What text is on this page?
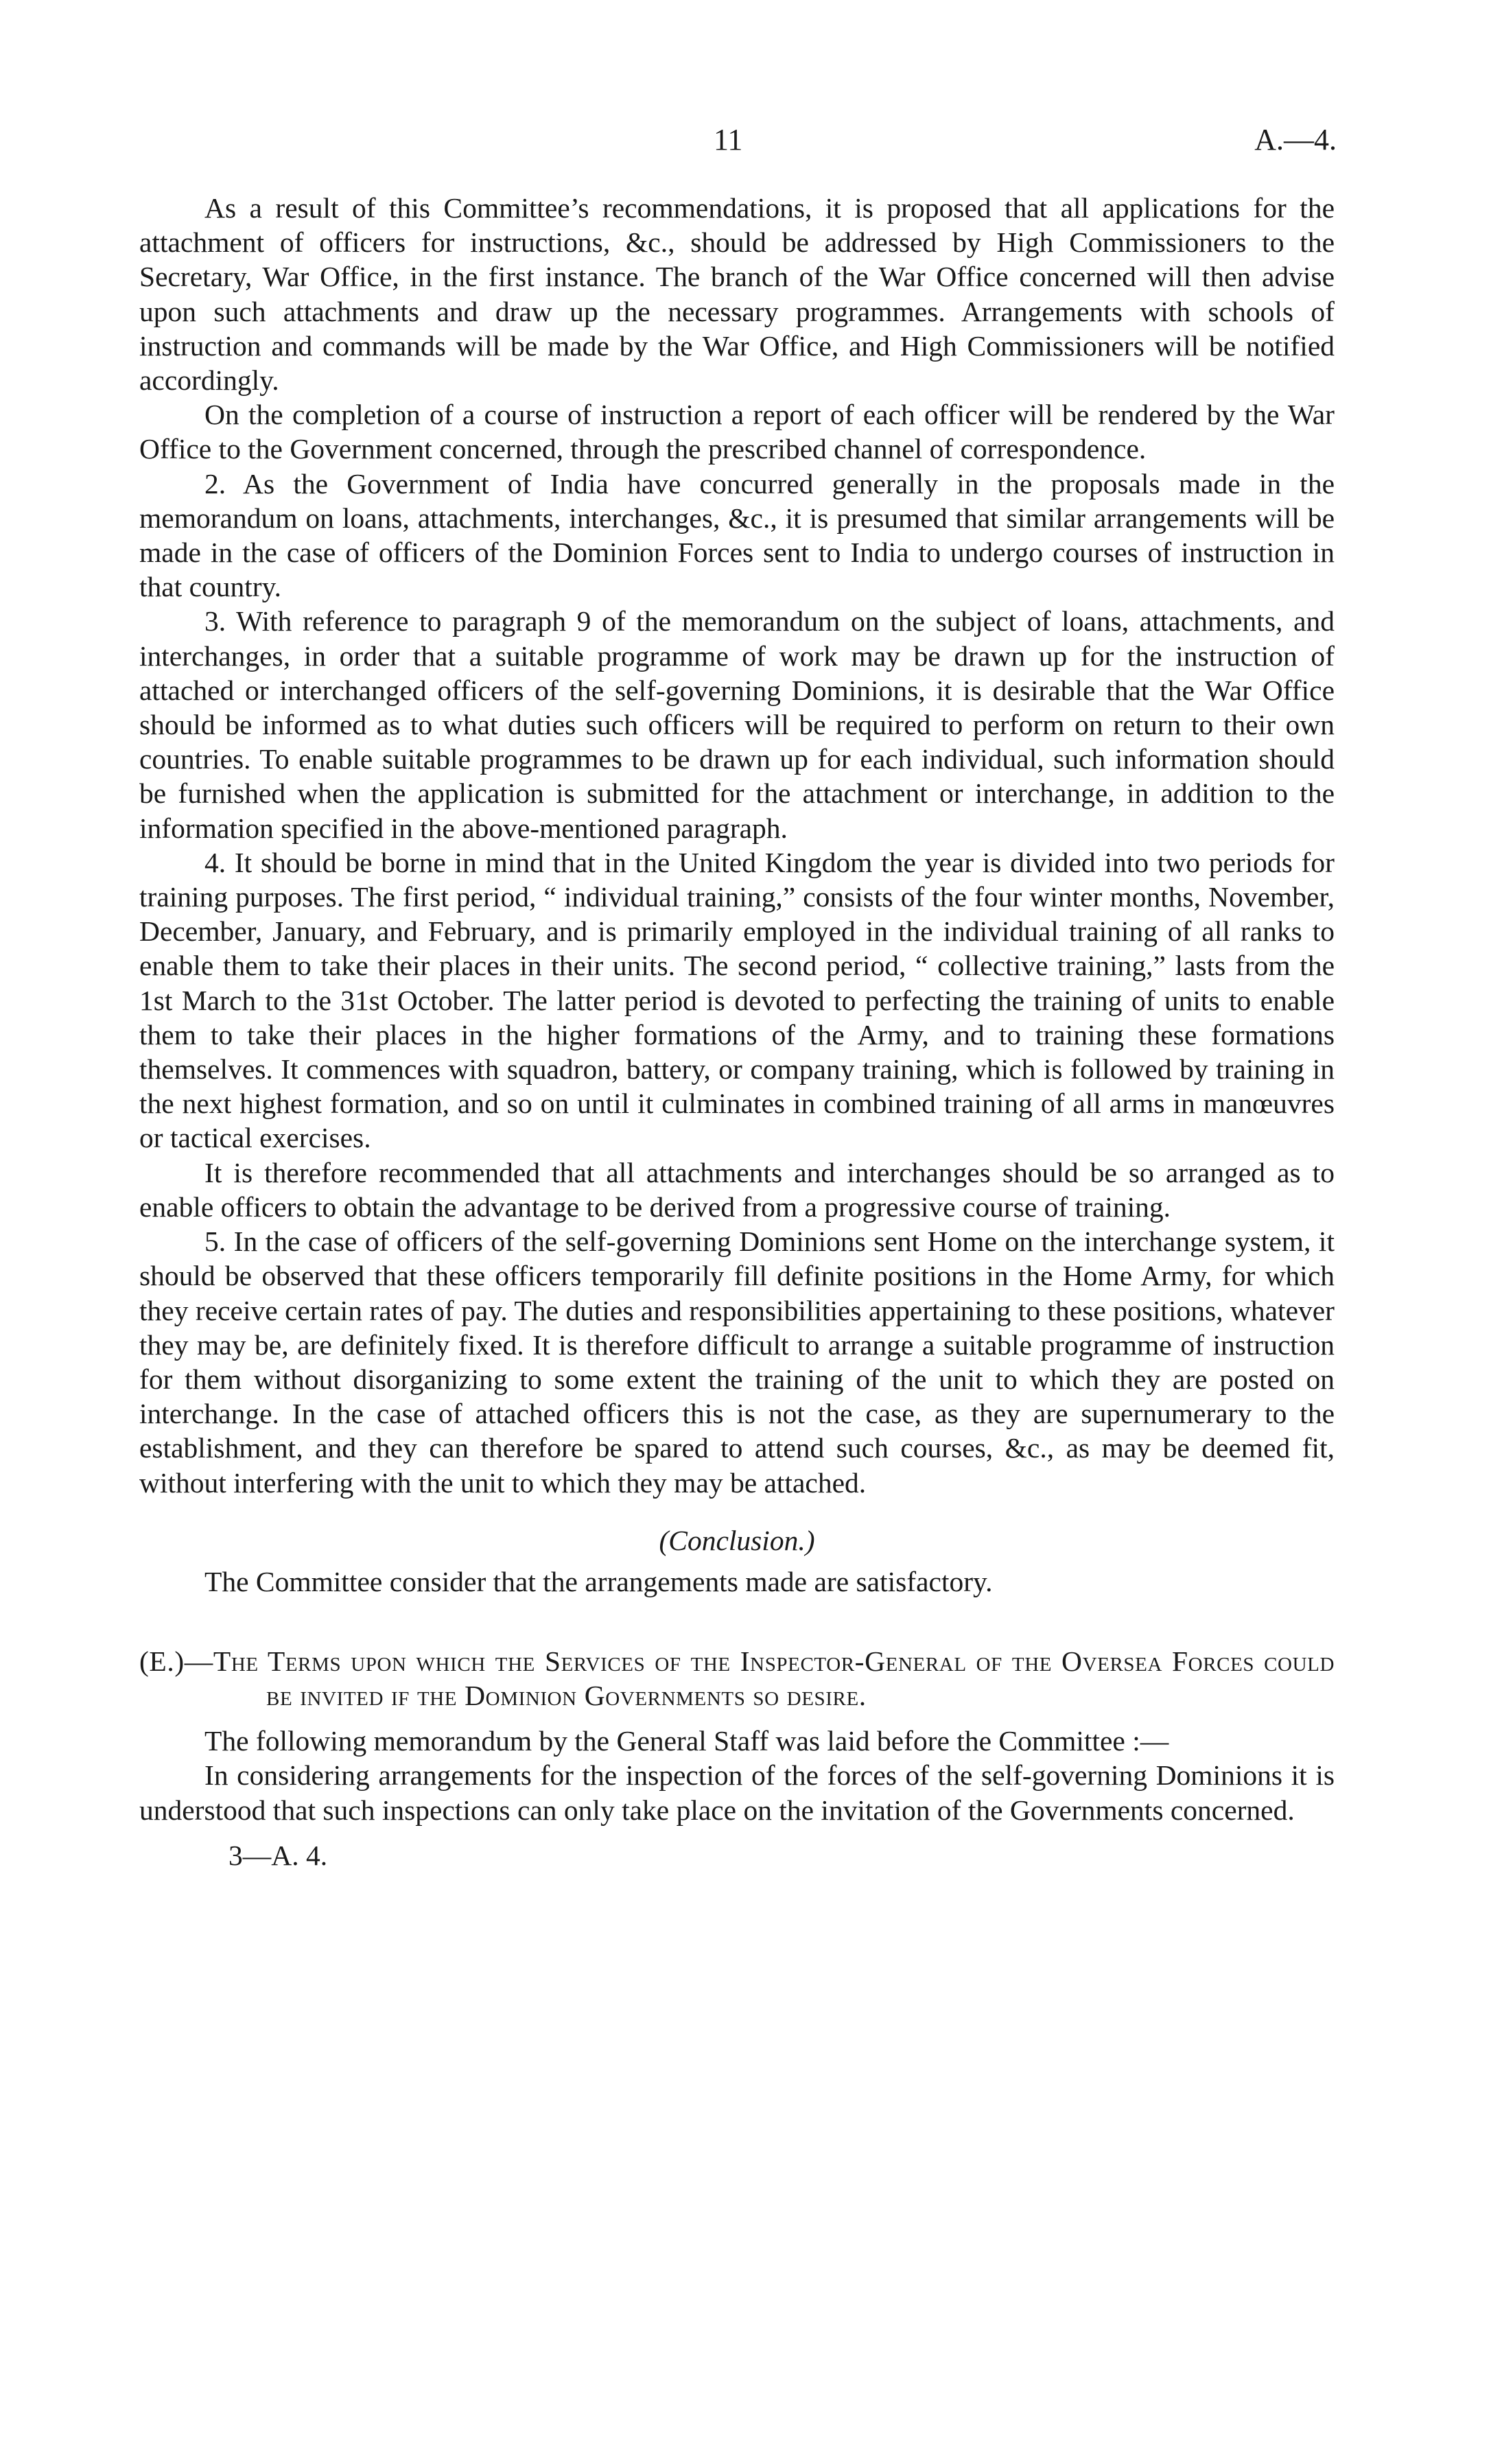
11	A.—4.

As a result of this Committee’s recommendations, it is proposed that all applications for the attachment of officers for instructions, &c., should be addressed by High Commissioners to the Secretary, War Office, in the first instance. The branch of the War Office concerned will then advise upon such attachments and draw up the necessary programmes. Arrangements with schools of instruction and commands will be made by the War Office, and High Commissioners will be notified accordingly.

On the completion of a course of instruction a report of each officer will be rendered by the War Office to the Government concerned, through the prescribed channel of correspondence.

2. As the Government of India have concurred generally in the proposals made in the memorandum on loans, attachments, interchanges, &c., it is presumed that similar arrangements will be made in the case of officers of the Dominion Forces sent to India to undergo courses of instruction in that country.

3. With reference to paragraph 9 of the memorandum on the subject of loans, attachments, and interchanges, in order that a suitable programme of work may be drawn up for the instruction of attached or interchanged officers of the self-governing Dominions, it is desirable that the War Office should be informed as to what duties such officers will be required to perform on return to their own countries. To enable suitable programmes to be drawn up for each individual, such information should be furnished when the application is submitted for the attachment or interchange, in addition to the information specified in the above-mentioned paragraph.

4. It should be borne in mind that in the United Kingdom the year is divided into two periods for training purposes. The first period, “ individual training,” consists of the four winter months, November, December, January, and February, and is primarily employed in the individual training of all ranks to enable them to take their places in their units. The second period, “ collective training,” lasts from the 1st March to the 31st October. The latter period is devoted to perfecting the training of units to enable them to take their places in the higher formations of the Army, and to training these formations themselves. It commences with squadron, battery, or company training, which is followed by training in the next highest formation, and so on until it culminates in combined training of all arms in manœuvres or tactical exercises.

It is therefore recommended that all attachments and interchanges should be so arranged as to enable officers to obtain the advantage to be derived from a progressive course of training.

5. In the case of officers of the self-governing Dominions sent Home on the interchange system, it should be observed that these officers temporarily fill definite positions in the Home Army, for which they receive certain rates of pay. The duties and responsibilities appertaining to these positions, whatever they may be, are definitely fixed. It is therefore difficult to arrange a suitable programme of instruction for them without disorganizing to some extent the training of the unit to which they are posted on interchange. In the case of attached officers this is not the case, as they are supernumerary to the establishment, and they can therefore be spared to attend such courses, &c., as may be deemed fit, without interfering with the unit to which they may be attached.

(Conclusion.)

The Committee consider that the arrangements made are satisfactory.

(E.)—The Terms upon which the Services of the Inspector-General of the Oversea Forces could be invited if the Dominion Governments so desire.

The following memorandum by the General Staff was laid before the Committee :—

In considering arrangements for the inspection of the forces of the self-governing Dominions it is understood that such inspections can only take place on the invitation of the Governments concerned.

3—A. 4.
